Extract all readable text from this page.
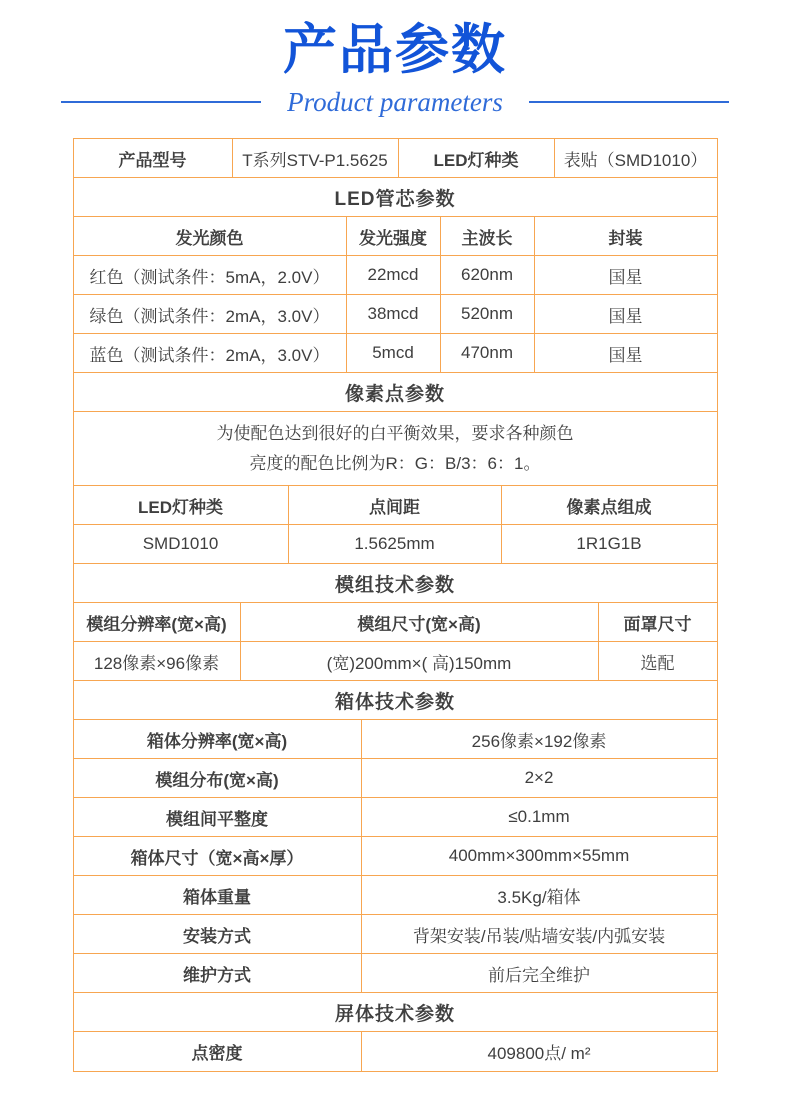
产品参数
Product parameters
产品型号	T系列STV-P1.5625	LED灯种类	表贴（SMD1010）
LED管芯参数
发光颜色	发光强度	主波长	封装
红色（测试条件：5mA，2.0V）	22mcd	620nm	国星
绿色（测试条件：2mA，3.0V）	38mcd	520nm	国星
蓝色（测试条件：2mA，3.0V）	5mcd	470nm	国星
像素点参数
为使配色达到很好的白平衡效果，要求各种颜色
亮度的配色比例为R：G：B/3：6：1。
LED灯种类	点间距	像素点组成
SMD1010	1.5625mm	1R1G1B
模组技术参数
模组分辨率(宽×高)	模组尺寸(宽×高)	面罩尺寸
128像素×96像素	(宽)200mm×( 高)150mm	选配
箱体技术参数
箱体分辨率(宽×高)	256像素×192像素
模组分布(宽×高)	2×2
模组间平整度	≤0.1mm
箱体尺寸（宽×高×厚）	400mm×300mm×55mm
箱体重量	3.5Kg/箱体
安装方式	背架安装/吊装/贴墙安装/内弧安装
维护方式	前后完全维护
屏体技术参数
点密度	409800点/ m²
